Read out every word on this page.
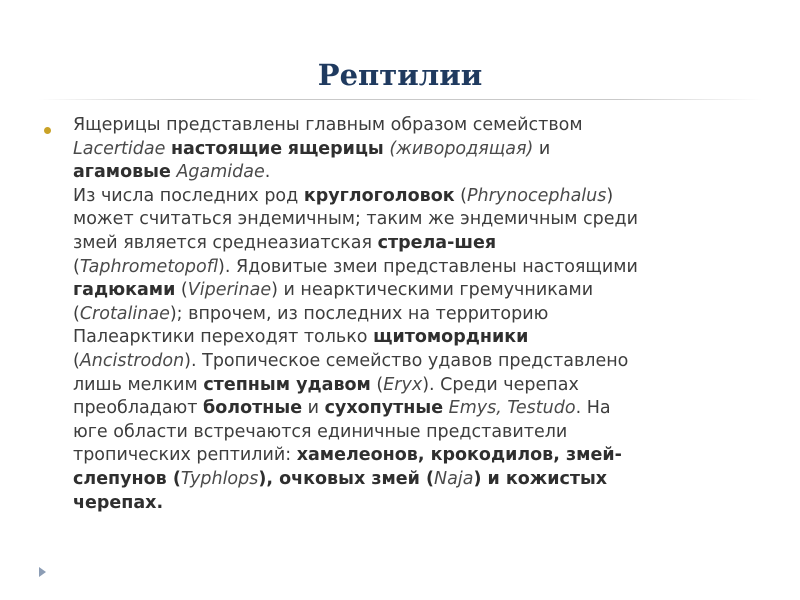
Рептилии
Ящерицы представлены главным образом семейством
Lacertidae настоящие ящерицы (живородящая) и
агамовые Agamidae.
Из числа последних род круглоголовок (Phrynocephalus)
может считаться эндемичным; таким же эндемичным среди
змей является среднеазиатская стрела-шея
(Taphrometopofl). Ядовитые змеи представлены настоящими
гадюками (Viperinae) и неарктическими гремучниками
(Crotalinae); впрочем, из последних на территорию
Палеарктики переходят только щитомордники
(Ancistrodon). Тропическое семейство удавов представлено
лишь мелким степным удавом (Eryx). Среди черепах
преобладают болотные и сухопутные Emys, Testudo. На
юге области встречаются единичные представители
тропических рептилий: хамелеонов, крокодилов, змей-
слепунов (Typhlops), очковых змей (Naja) и кожистых
черепах.
